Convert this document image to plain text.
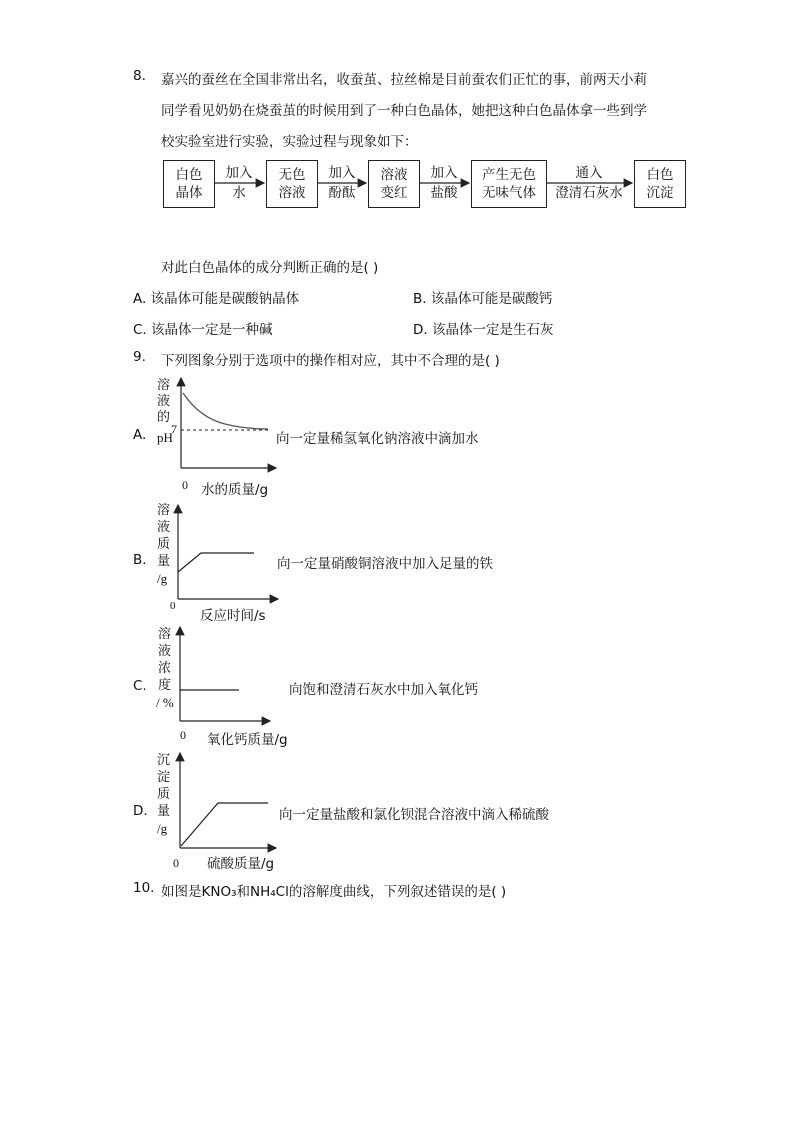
8. 嘉兴的蚕丝在全国非常出名，收蚕茧、拉丝棉是目前蚕农们正忙的事，前两天小莉
同学看见奶奶在烧蚕茧的时候用到了一种白色晶体，她把这种白色晶体拿一些到学
校实验室进行实验，实验过程与现象如下：
白色
晶体
加入
水
无色
溶液
加入
酚酞
溶液
变红
加入
盐酸
产生无色
无味气体
通入
澄清石灰水
白色
沉淀
对此白色晶体的成分判断正确的是( )
A. 该晶体可能是碳酸钠晶体	B. 该晶体可能是碳酸钙
C. 该晶体一定是一种碱	D. 该晶体一定是生石灰
9. 下列图象分别于选项中的操作相对应，其中不合理的是( )
A.
溶
液
的
pH
7
0 水的质量/g
向一定量稀氢氧化钠溶液中滴加水
B.
溶
液
质
量
/g
0
反应时间/s
向一定量硝酸铜溶液中加入足量的铁
C.
溶
液
浓
度
/ %
0 氧化钙质量/g
向饱和澄清石灰水中加入氧化钙
D.
沉
淀
质
量
/g
0 硫酸质量/g
向一定量盐酸和氯化钡混合溶液中滴入稀硫酸
10. 如图是KNO₃和NH₄Cl的溶解度曲线，下列叙述错误的是( )
